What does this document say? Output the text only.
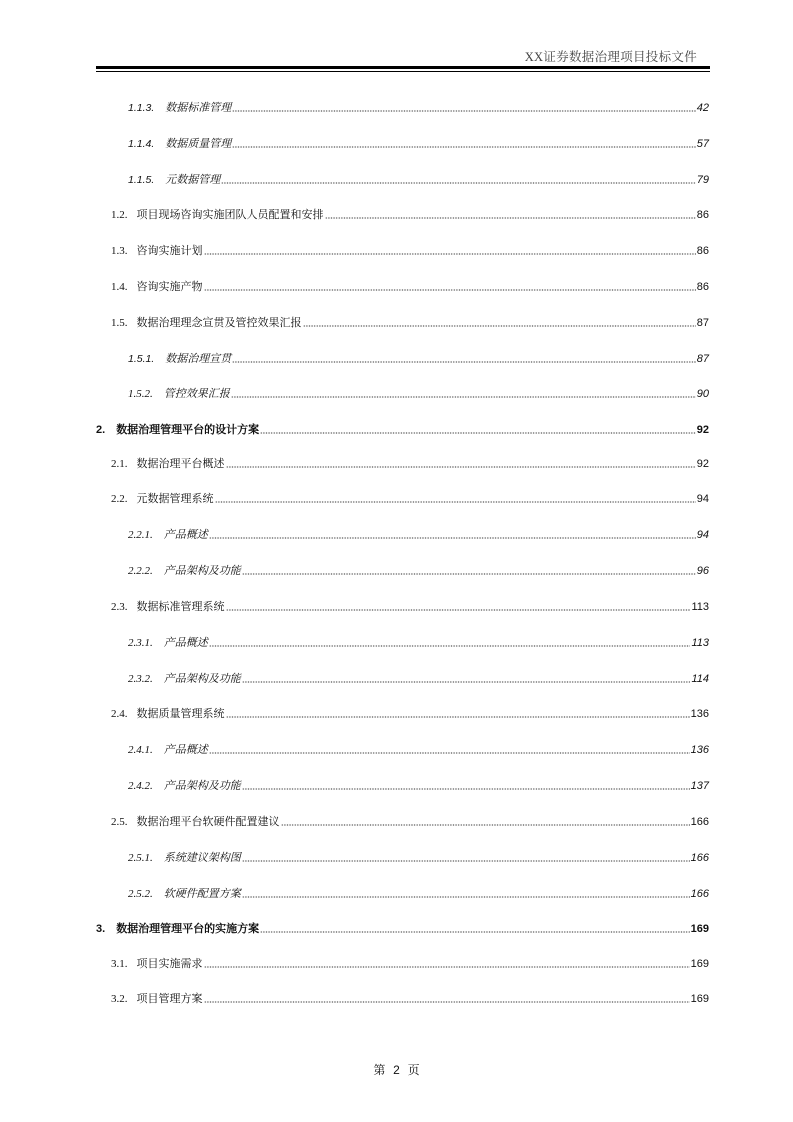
XX证券数据治理项目投标文件
1.1.3.	数据标准管理	42
1.1.4.	数据质量管理	57
1.1.5.	元数据管理	79
1.2. 项目现场咨询实施团队人员配置和安排	86
1.3. 咨询实施计划	86
1.4. 咨询实施产物	86
1.5. 数据治理理念宣贯及管控效果汇报	87
1.5.1.	数据治理宣贯	87
1.5.2.	管控效果汇报	90
2.	数据治理管理平台的设计方案	92
2.1. 数据治理平台概述	92
2.2. 元数据管理系统	94
2.2.1.	产品概述	94
2.2.2.	产品架构及功能	96
2.3. 数据标准管理系统	113
2.3.1.	产品概述	113
2.3.2.	产品架构及功能	114
2.4. 数据质量管理系统	136
2.4.1.	产品概述	136
2.4.2.	产品架构及功能	137
2.5. 数据治理平台软硬件配置建议	166
2.5.1.	系统建议架构图	166
2.5.2.	软硬件配置方案	166
3.	数据治理管理平台的实施方案	169
3.1. 项目实施需求	169
3.2. 项目管理方案	169
第 2 页
